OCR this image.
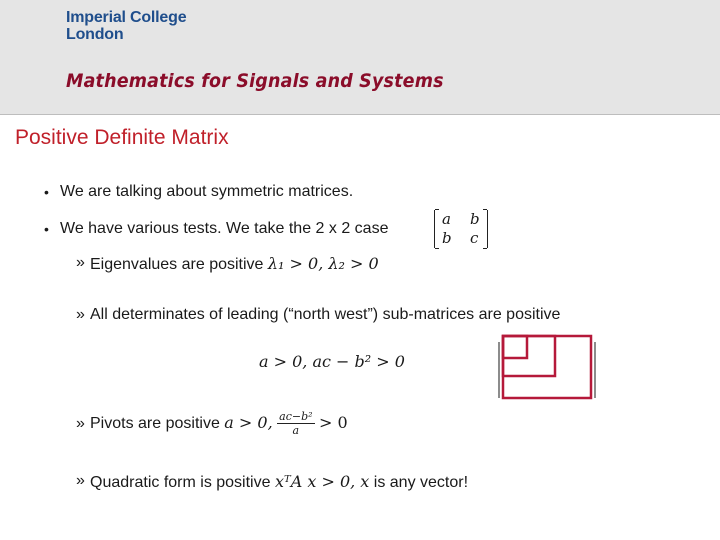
Imperial College
London
Mathematics for Signals and Systems
Positive Definite Matrix
• We are talking about symmetric matrices.
• We have various tests. We take the 2 x 2 case
a b
b c
» Eigenvalues are positive λ₁ > 0, λ₂ > 0
» All determinates of leading (“north west”) sub-matrices are positive
a > 0, ac − b² > 0
» Pivots are positive a > 0, $\frac{\text{ac−b²}}{a} > 0$
» Quadratic form is positive xᵀA x > 0, x is any vector!
